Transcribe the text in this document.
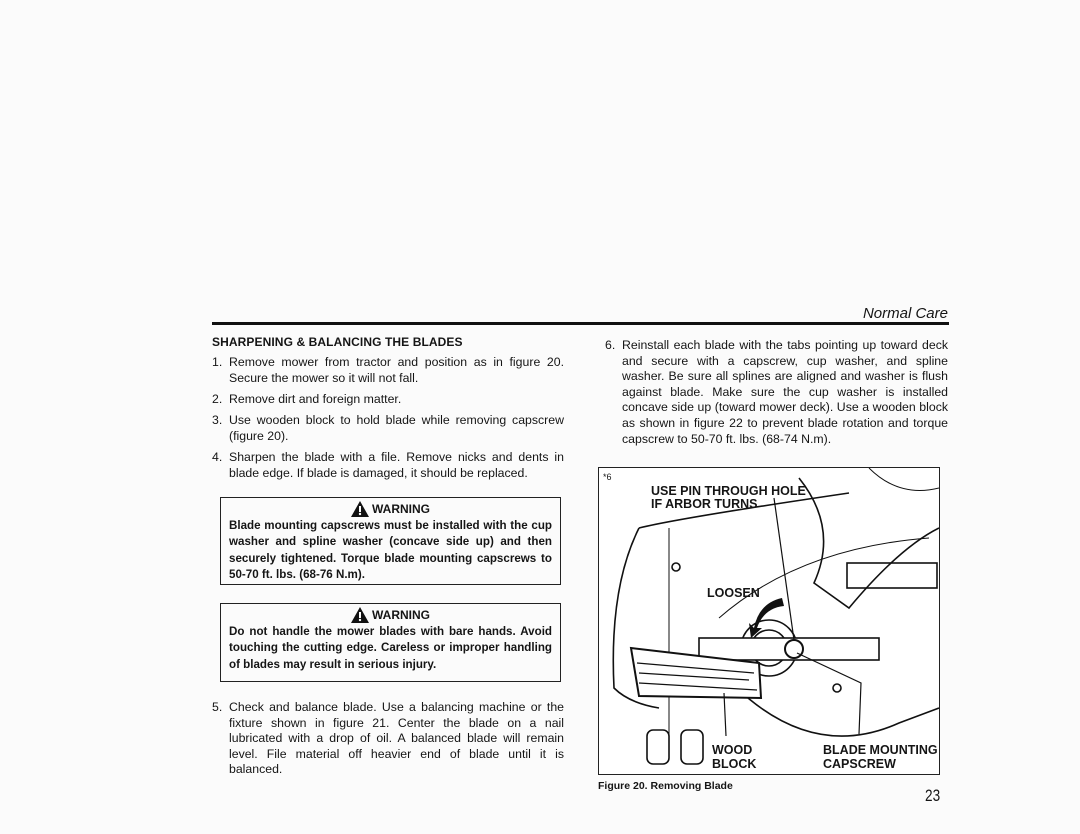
Normal Care
SHARPENING & BALANCING THE BLADES
1. Remove mower from tractor and position as in figure 20. Secure the mower so it will not fall.
2. Remove dirt and foreign matter.
3. Use wooden block to hold blade while removing capscrew (figure 20).
4. Sharpen the blade with a file. Remove nicks and dents in blade edge. If blade is damaged, it should be replaced.
WARNING
Blade mounting capscrews must be installed with the cup washer and spline washer (concave side up) and then securely tightened. Torque blade mounting capscrews to 50-70 ft. lbs. (68-76 N.m).
WARNING
Do not handle the mower blades with bare hands. Avoid touching the cutting edge. Careless or improper handling of blades may result in serious injury.
5. Check and balance blade. Use a balancing machine or the fixture shown in figure 21. Center the blade on a nail lubricated with a drop of oil. A balanced blade will remain level. File material off heavier end of blade until it is balanced.
6. Reinstall each blade with the tabs pointing up toward deck and secure with a capscrew, cup washer, and spline washer. Be sure all splines are aligned and washer is flush against blade. Make sure the cup washer is installed concave side up (toward mower deck). Use a wooden block as shown in figure 22 to prevent blade rotation and torque capscrew to 50-70 ft. lbs. (68-74 N.m).
*6
USE PIN THROUGH HOLE
IF ARBOR TURNS
LOOSEN
WOOD
BLOCK
BLADE MOUNTING
CAPSCREW
Figure 20. Removing Blade	23
